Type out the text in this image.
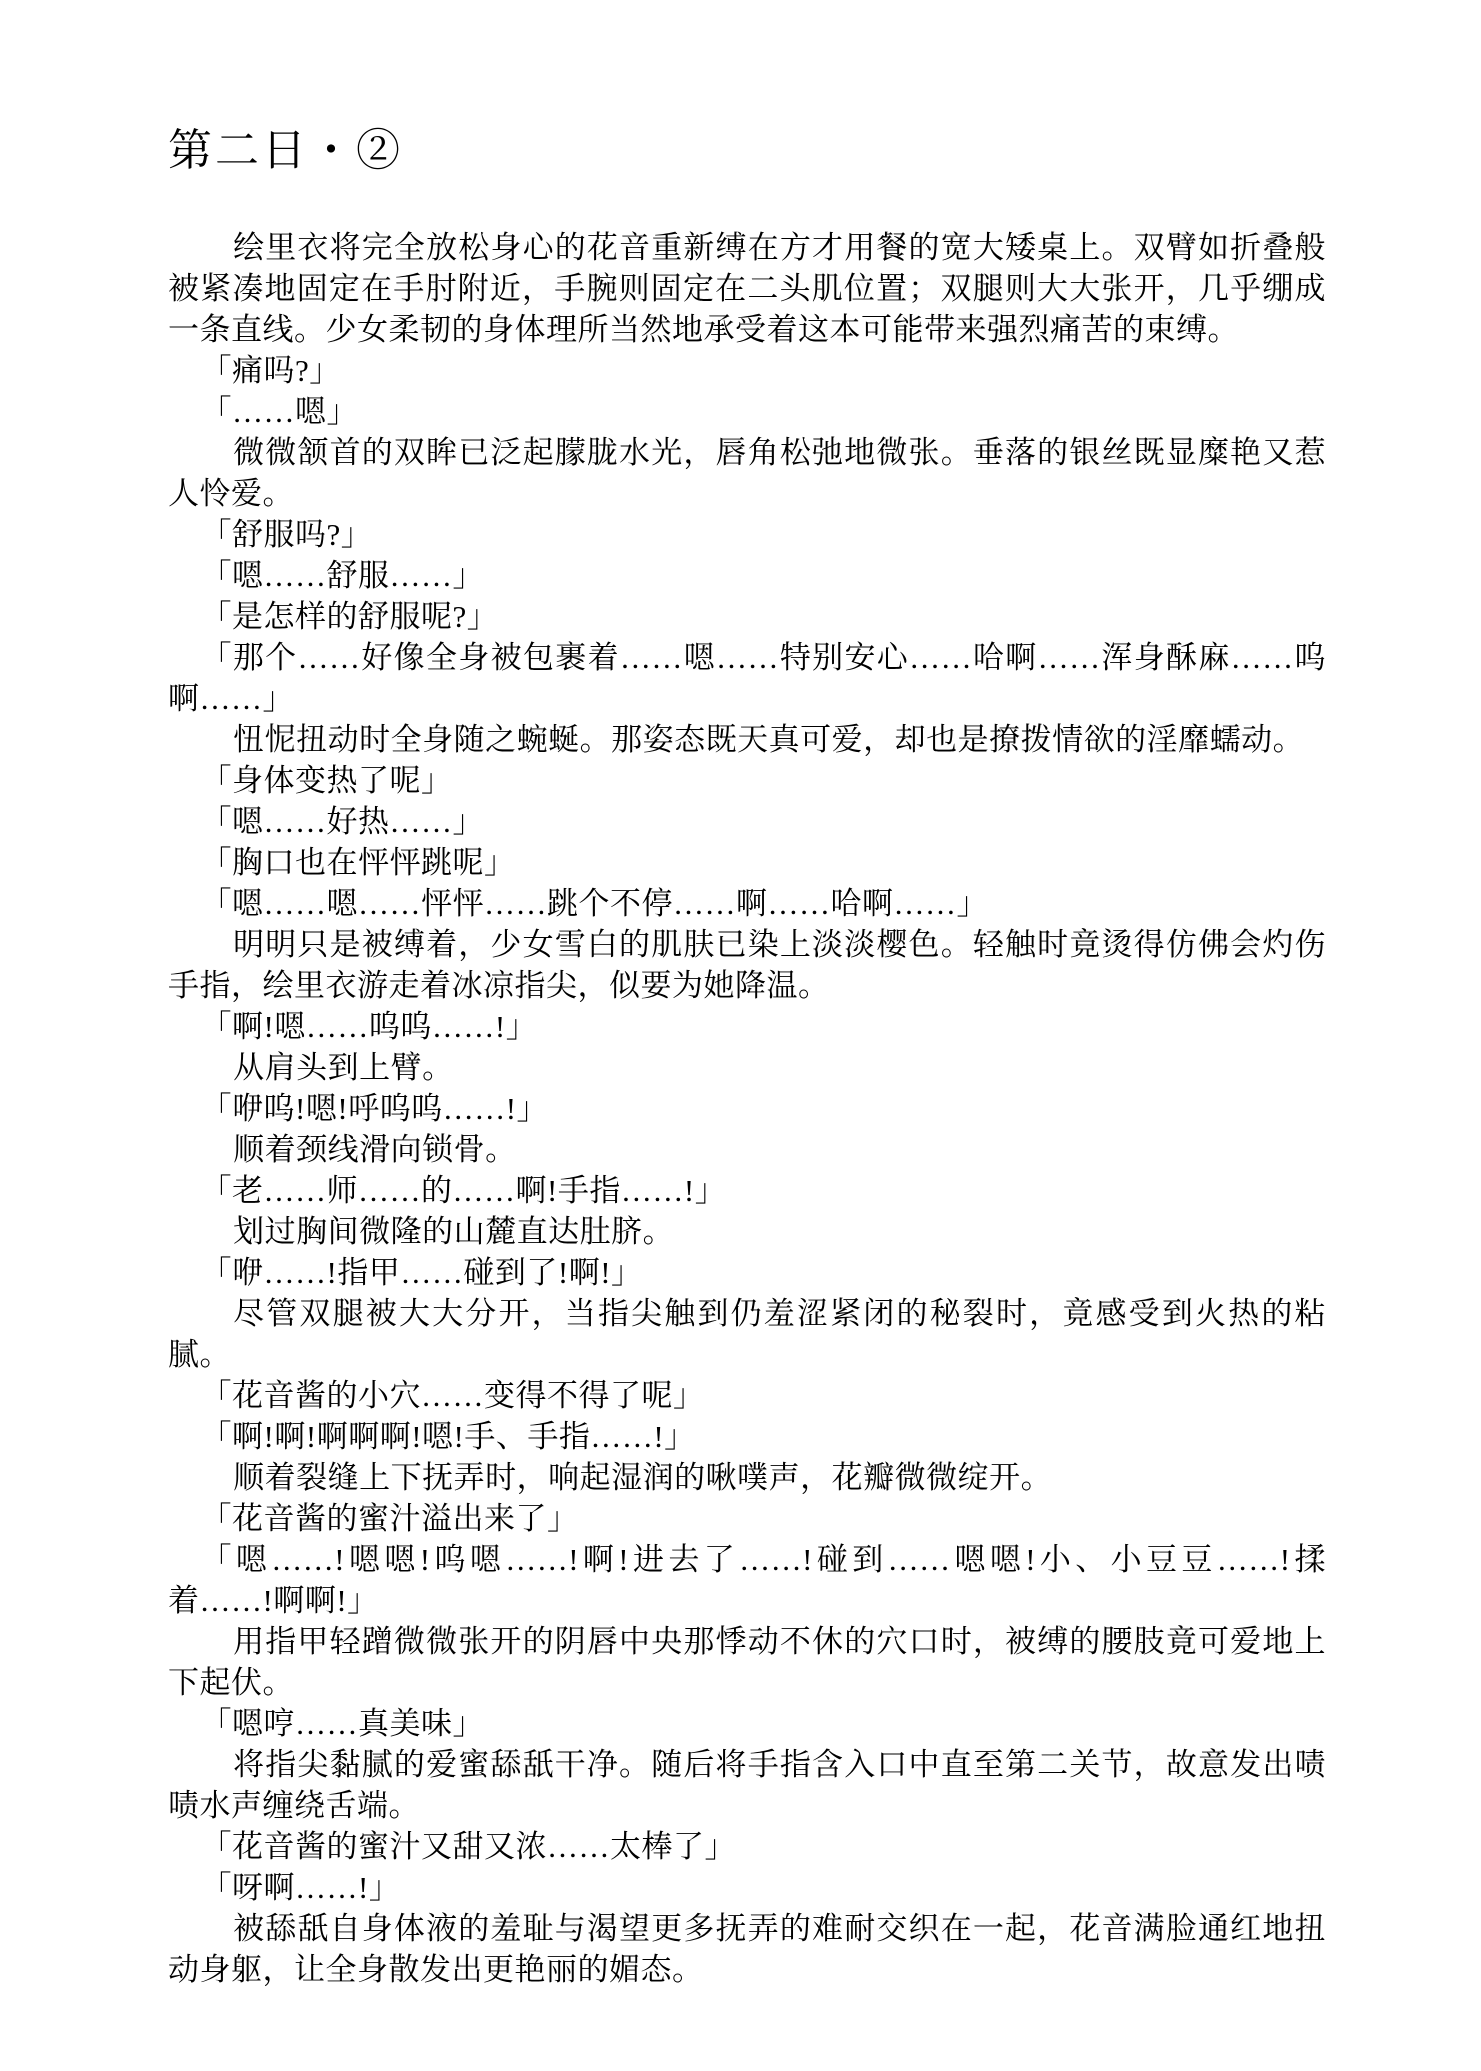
第二日・②

绘里衣将完全放松身心的花音重新缚在方才用餐的宽大矮桌上。双臂如折叠般被紧凑地固定在手肘附近，手腕则固定在二头肌位置；双腿则大大张开，几乎绷成一条直线。少女柔韧的身体理所当然地承受着这本可能带来强烈痛苦的束缚。

「痛吗?」

「……嗯」

微微颔首的双眸已泛起朦胧水光，唇角松弛地微张。垂落的银丝既显糜艳又惹人怜爱。

「舒服吗?」

「嗯……舒服……」

「是怎样的舒服呢?」

「那个……好像全身被包裹着……嗯……特别安心……哈啊……浑身酥麻……呜啊……」

忸怩扭动时全身随之蜿蜒。那姿态既天真可爱，却也是撩拨情欲的淫靡蠕动。

「身体变热了呢」

「嗯……好热……」

「胸口也在怦怦跳呢」

「嗯……嗯……怦怦……跳个不停……啊……哈啊……」

明明只是被缚着，少女雪白的肌肤已染上淡淡樱色。轻触时竟烫得仿佛会灼伤手指，绘里衣游走着冰凉指尖，似要为她降温。

「啊!嗯……呜呜……!」

从肩头到上臂。

「咿呜!嗯!呼呜呜……!」

顺着颈线滑向锁骨。

「老……师……的……啊!手指……!」

划过胸间微隆的山麓直达肚脐。

「咿……!指甲……碰到了!啊!」

尽管双腿被大大分开，当指尖触到仍羞涩紧闭的秘裂时，竟感受到火热的粘腻。

「花音酱的小穴……变得不得了呢」

「啊!啊!啊啊啊!嗯!手、手指……!」

顺着裂缝上下抚弄时，响起湿润的啾噗声，花瓣微微绽开。

「花音酱的蜜汁溢出来了」

「嗯……!嗯嗯!呜嗯……!啊!进去了……!碰到……嗯嗯!小、小豆豆……!揉着……!啊啊!」

用指甲轻蹭微微张开的阴唇中央那悸动不休的穴口时，被缚的腰肢竟可爱地上下起伏。

「嗯哼……真美味」

将指尖黏腻的爱蜜舔舐干净。随后将手指含入口中直至第二关节，故意发出啧啧水声缠绕舌端。

「花音酱的蜜汁又甜又浓……太棒了」

「呀啊……!」

被舔舐自身体液的羞耻与渴望更多抚弄的难耐交织在一起，花音满脸通红地扭动身躯，让全身散发出更艳丽的媚态。
